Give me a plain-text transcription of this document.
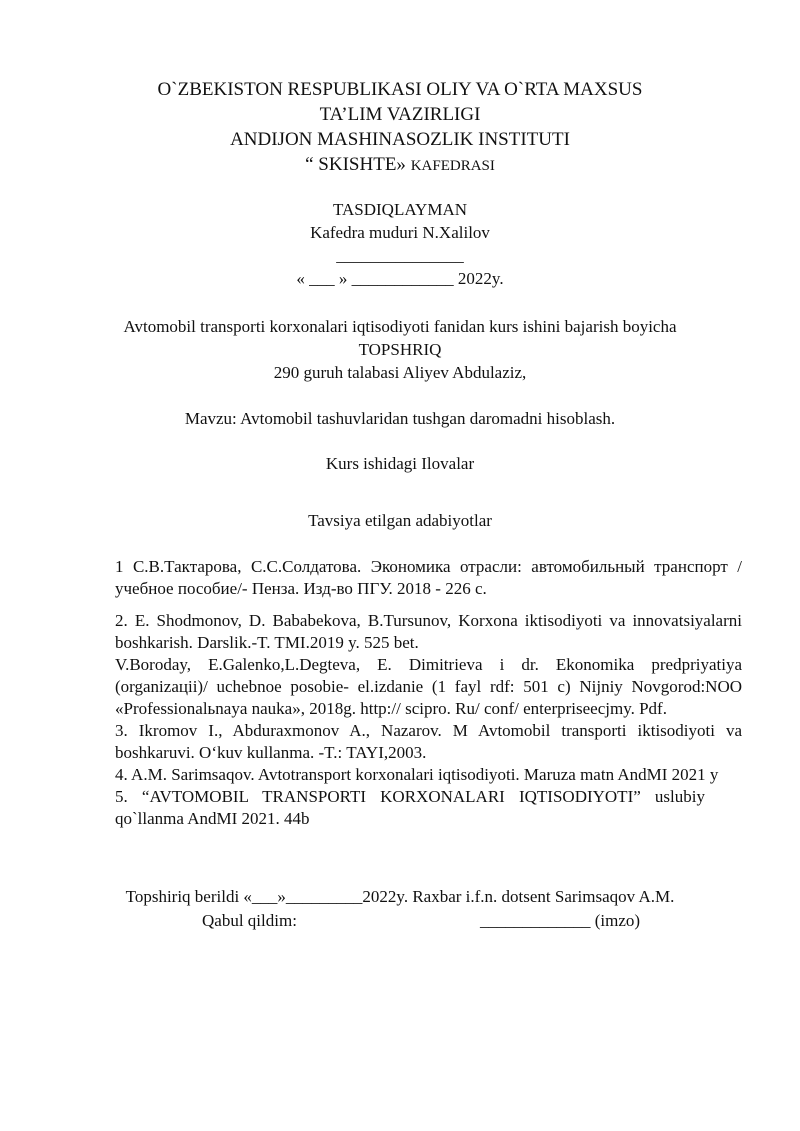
O`ZBEKISTON RESPUBLIKASI OLIY VA O`RTA MAXSUS
TA’LIM VAZIRLIGI
ANDIJON MASHINASOZLIK INSTITUTI
“ SKISHTE» KAFEDRASI
TASDIQLAYMAN
Kafedra muduri N.Xalilov
_______________
« ___ » ____________ 2022y.
Avtomobil transporti korxonalari iqtisodiyoti fanidan kurs ishini bajarish boyicha
TOPSHRIQ
290 guruh talabasi Aliyev Abdulaziz,
Mavzu: Avtomobil tashuvlaridan tushgan daromadni hisoblash.
Kurs ishidagi Ilovalar
Tavsiya etilgan adabiyotlar

1 С.В.Тактарова, С.С.Солдатова. Экономика отрасли: автомобильный транспорт /учебное пособие/- Пенза. Изд-во ПГУ. 2018 - 226 с.

2. E. Shodmonov, D. Bababekova, B.Tursunov, Korxona iktisodiyoti va innovatsiyalarni boshkarish. Darslik.-T. TMI.2019 y. 525 bet.

V.Boroday, E.Galenko,L.Degteva, E. Dimitrieva i dr. Ekonomika predpriyatiya (organizaціі)/ uchebnoe posobie- el.izdanie (1 fayl rdf: 501 c) Nijniy Novgorod:NOO «Professionalьnaya nauka», 2018g. http:// scipro. Ru/ conf/ enterpriseecjmy. Pdf.

3. Ikromov I., Abduraxmonov A., Nazarov. M Avtomobil transporti iktisodiyoti va boshkaruvi. O‘kuv kullanma. -T.: TAYI,2003.

4. A.M. Sarimsaqov. Avtotransport korxonalari iqtisodiyoti. Maruza matn AndMI 2021 y

5. “AVTOMOBIL TRANSPORTI KORXONALARI IQTISODIYOTI” uslubiy qo`llanma AndMI 2021. 44b

Topshiriq berildi «___»_________2022y. Raxbar i.f.n. dotsent Sarimsaqov A.M.
Qabul qildim:	_____________ (imzo)
